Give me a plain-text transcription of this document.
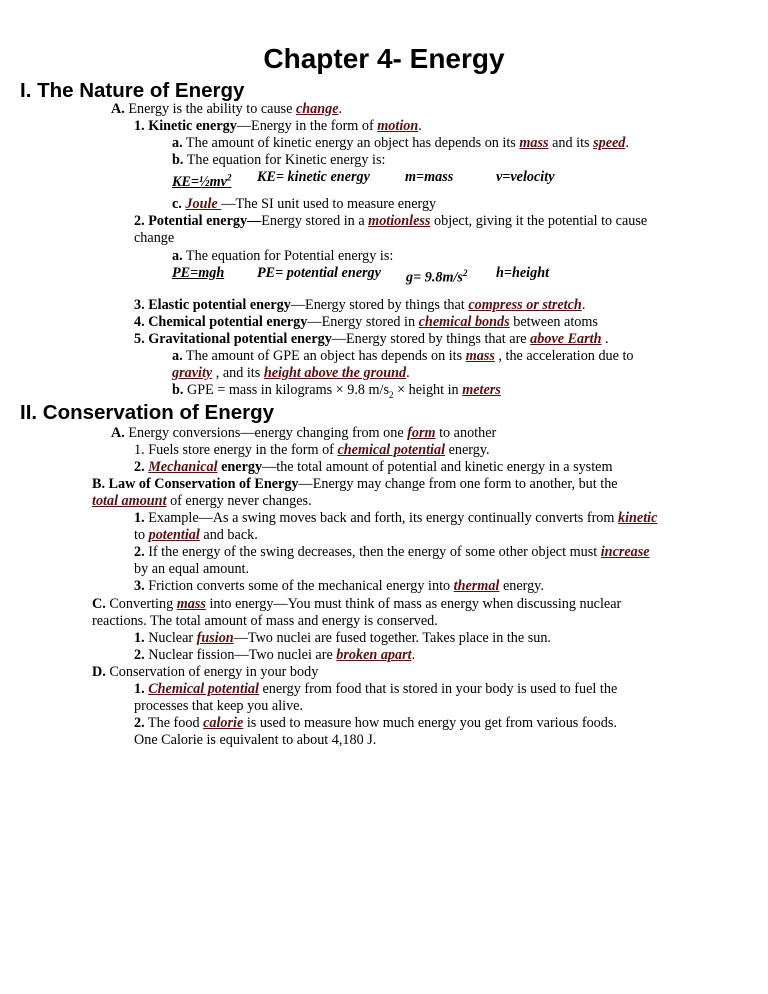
Chapter 4- Energy
I. The Nature of Energy
A. Energy is the ability to cause change.
1. Kinetic energy—Energy in the form of motion.
a. The amount of kinetic energy an object has depends on its mass and its speed.
b. The equation for Kinetic energy is:
$KE=\frac{1}{2}mv^2$ KE= kinetic energy m=mass	v=velocity
c. Joule —The SI unit used to measure energy
2. Potential energy—Energy stored in a motionless object, giving it the potential to cause
change
a. The equation for Potential energy is:
PE=mgh PE= potential energy $g= 9.8m/s^2$ h=height
3. Elastic potential energy—Energy stored by things that compress or stretch.
4. Chemical potential energy—Energy stored in chemical bonds between atoms
5. Gravitational potential energy—Energy stored by things that are above Earth .
a. The amount of GPE an object has depends on its mass , the acceleration due to
gravity , and its height above the ground.
b. GPE = mass in kilograms × 9.8 $m/s_2$ × height in meters
II. Conservation of Energy
A. Energy conversions—energy changing from one form to another
1. Fuels store energy in the form of chemical potential energy.
2. Mechanical energy—the total amount of potential and kinetic energy in a system
B. Law of Conservation of Energy—Energy may change from one form to another, but the
total amount of energy never changes.
1. Example—As a swing moves back and forth, its energy continually converts from kinetic
to potential and back.
2. If the energy of the swing decreases, then the energy of some other object must increase
by an equal amount.
3. Friction converts some of the mechanical energy into thermal energy.
C. Converting mass into energy—You must think of mass as energy when discussing nuclear
reactions. The total amount of mass and energy is conserved.
1. Nuclear fusion—Two nuclei are fused together. Takes place in the sun.
2. Nuclear fission—Two nuclei are broken apart.
D. Conservation of energy in your body
1. Chemical potential energy from food that is stored in your body is used to fuel the
processes that keep you alive.
2. The food calorie is used to measure how much energy you get from various foods.
One Calorie is equivalent to about 4,180 J.
